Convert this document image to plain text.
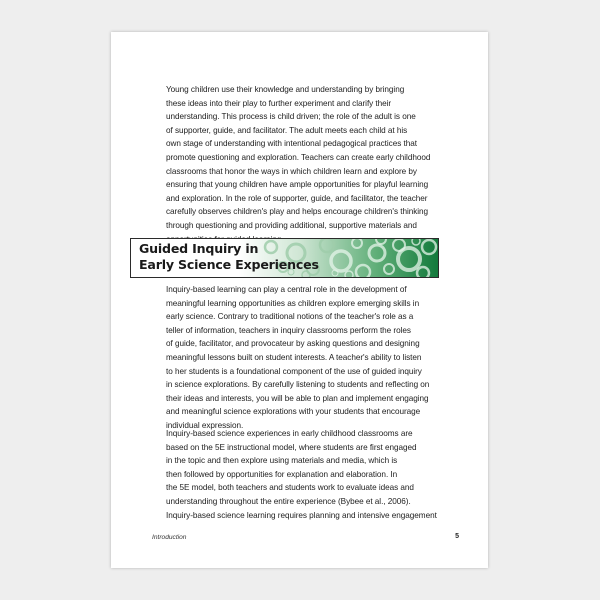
Young children use their knowledge and understanding by bringing
these ideas into their play to further experiment and clarify their
understanding. This process is child driven; the role of the adult is one
of supporter, guide, and facilitator. The adult meets each child at his
own stage of understanding with intentional pedagogical practices that
promote questioning and exploration. Teachers can create early childhood
classrooms that honor the ways in which children learn and explore by
ensuring that young children have ample opportunities for playful learning
and exploration. In the role of supporter, guide, and facilitator, the teacher
carefully observes children's play and helps encourage children's thinking
through questioning and providing additional, supportive materials and

Guided Inquiry in
Early Science Experiences

Inquiry-based learning can play a central role in the development of
meaningful learning opportunities as children explore emerging skills in
early science. Contrary to traditional notions of the teacher's role as a
teller of information, teachers in inquiry classrooms perform the roles
of guide, facilitator, and provocateur by asking questions and designing
meaningful lessons built on student interests. A teacher's ability to listen
to her students is a foundational component of the use of guided inquiry
in science explorations. By carefully listening to students and reflecting on
their ideas and interests, you will be able to plan and implement engaging
and meaningful science explorations with your students that encourage
individual expression.

Inquiry-based science experiences in early childhood classrooms are
based on the 5E instructional model, where students are first engaged
in the topic and then explore using materials and media, which is
then followed by opportunities for explanation and elaboration. In
the 5E model, both teachers and students work to evaluate ideas and
understanding throughout the entire experience (Bybee et al., 2006).
Inquiry-based science learning requires planning and intensive engagement

Introduction	5
